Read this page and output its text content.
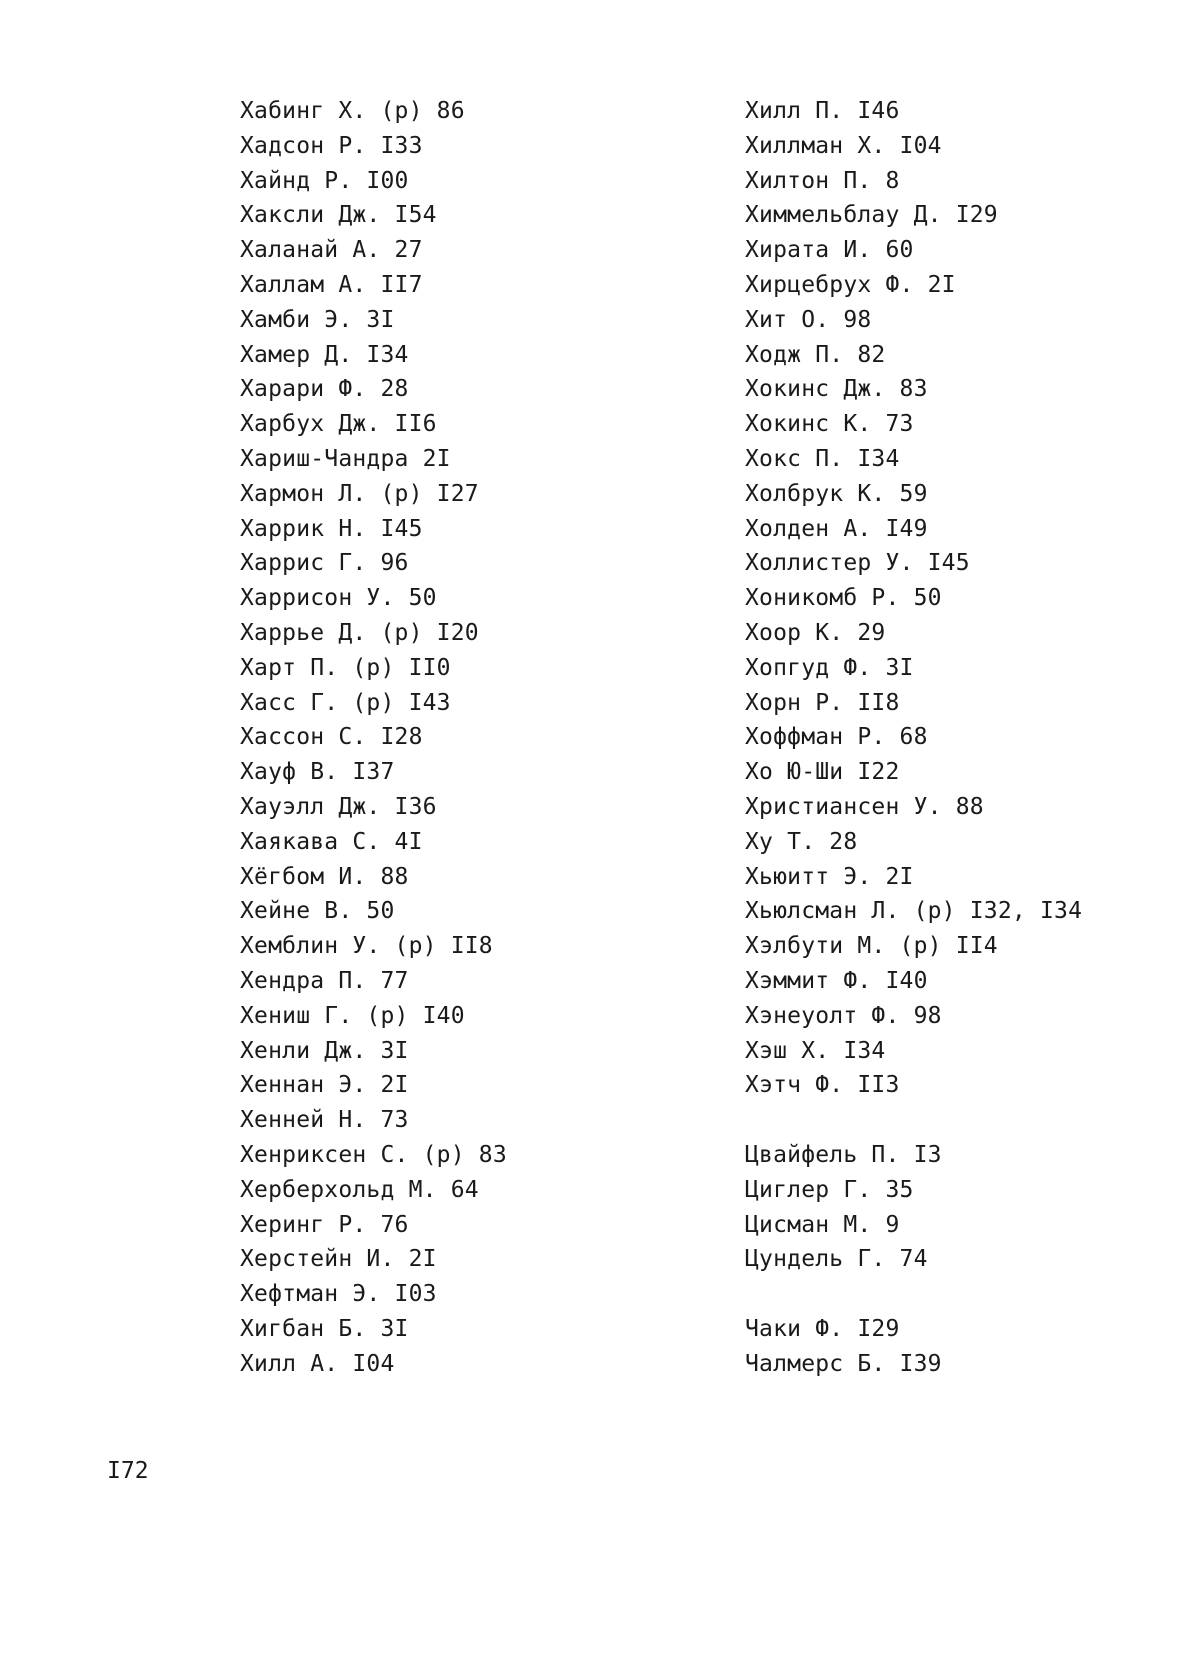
Хабинг Х. (р) 86
Хадсон Р. I33
Хайнд Р. I00
Хаксли Дж. I54
Халанай А. 27
Халлам А. II7
Хамби Э. 3I
Хамер Д. I34
Харари Ф. 28
Харбух Дж. II6
Хариш-Чандра 2I
Хармон Л. (р) I27
Харрик Н. I45
Харрис Г. 96
Харрисон У. 50
Харрье Д. (р) I20
Харт П. (р) II0
Хасс Г. (р) I43
Хассон С. I28
Хауф В. I37
Хауэлл Дж. I36
Хаякава С. 4I
Хёгбом И. 88
Хейне В. 50
Хемблин У. (р) II8
Хендра П. 77
Хениш Г. (р) I40
Хенли Дж. 3I
Хеннан Э. 2I
Хенней Н. 73
Хенриксен С. (р) 83
Херберхольд М. 64
Херинг Р. 76
Херстейн И. 2I
Хефтман Э. I03
Хигбан Б. 3I
Хилл А. I04
Хилл П. I46
Хиллман Х. I04
Хилтон П. 8
Химмельблау Д. I29
Хирата И. 60
Хирцебрух Ф. 2I
Хит О. 98
Ходж П. 82
Хокинс Дж. 83
Хокинс К. 73
Хокс П. I34
Холбрук К. 59
Холден А. I49
Холлистер У. I45
Хоникомб Р. 50
Хоор К. 29
Хопгуд Ф. 3I
Хорн Р. II8
Хоффман Р. 68
Хо Ю-Ши I22
Христиансен У. 88
Ху Т. 28
Хьюитт Э. 2I
Хьюлсман Л. (р) I32, I34
Хэлбути М. (р) II4
Хэммит Ф. I40
Хэнеуолт Ф. 98
Хэш Х. I34
Хэтч Ф. II3
Цвайфель П. I3
Циглер Г. 35
Цисман М. 9
Цундель Г. 74
Чаки Ф. I29
Чалмерс Б. I39
I72
